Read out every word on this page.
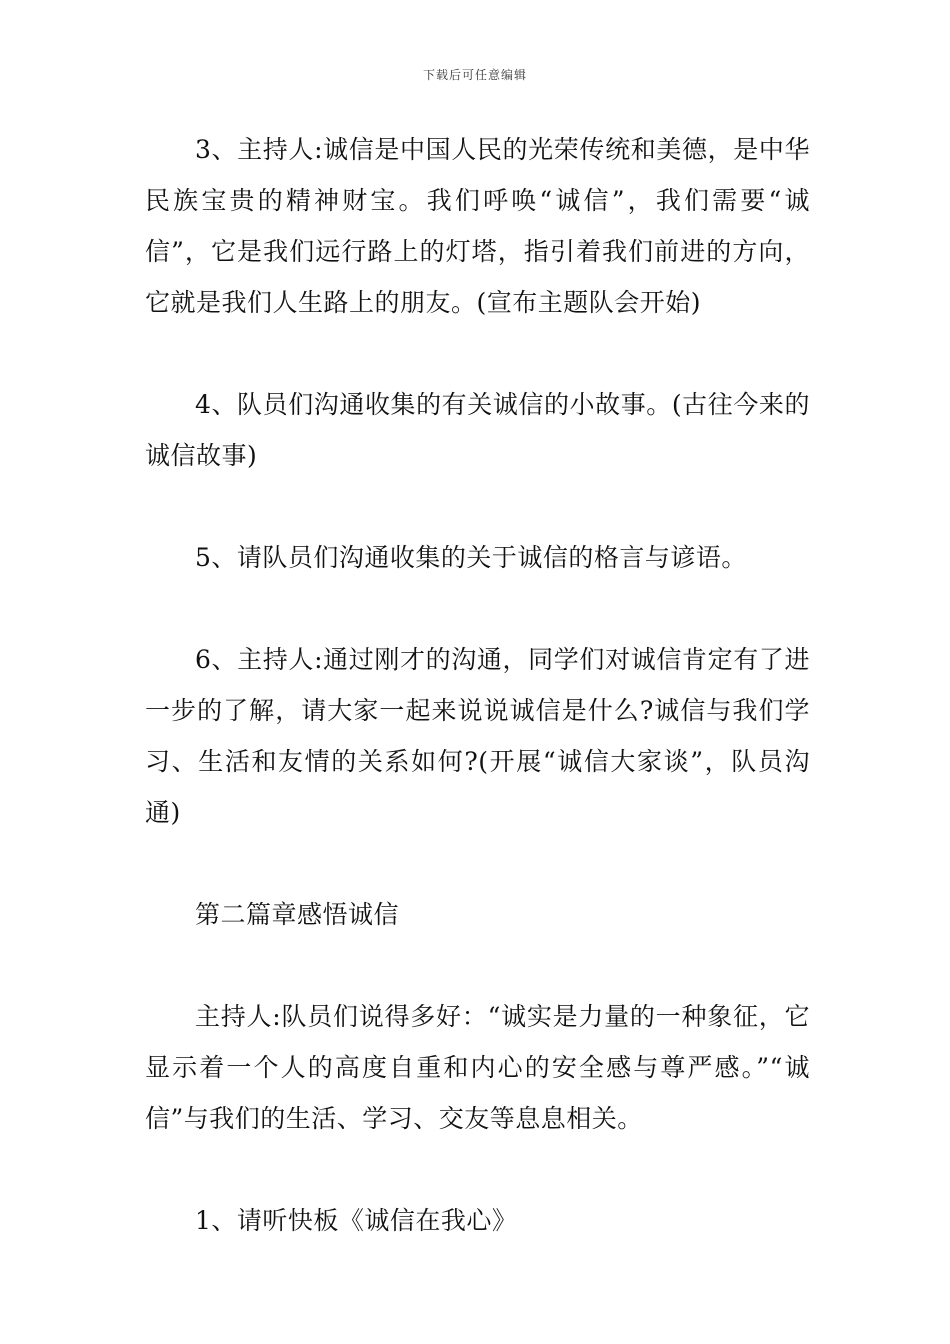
下载后可任意编辑

3、主持人:诚信是中国人民的光荣传统和美德，是中华民族宝贵的精神财宝。我们呼唤“诚信”，我们需要“诚信”，它是我们远行路上的灯塔，指引着我们前进的方向，它就是我们人生路上的朋友。(宣布主题队会开始)

4、队员们沟通收集的有关诚信的小故事。(古往今来的诚信故事)

5、请队员们沟通收集的关于诚信的格言与谚语。

6、主持人:通过刚才的沟通，同学们对诚信肯定有了进一步的了解，请大家一起来说说诚信是什么?诚信与我们学习、生活和友情的关系如何?(开展“诚信大家谈”，队员沟通)

第二篇章感悟诚信

主持人:队员们说得多好：“诚实是力量的一种象征，它显示着一个人的高度自重和内心的安全感与尊严感。”“诚信”与我们的生活、学习、交友等息息相关。

1、请听快板《诚信在我心》
